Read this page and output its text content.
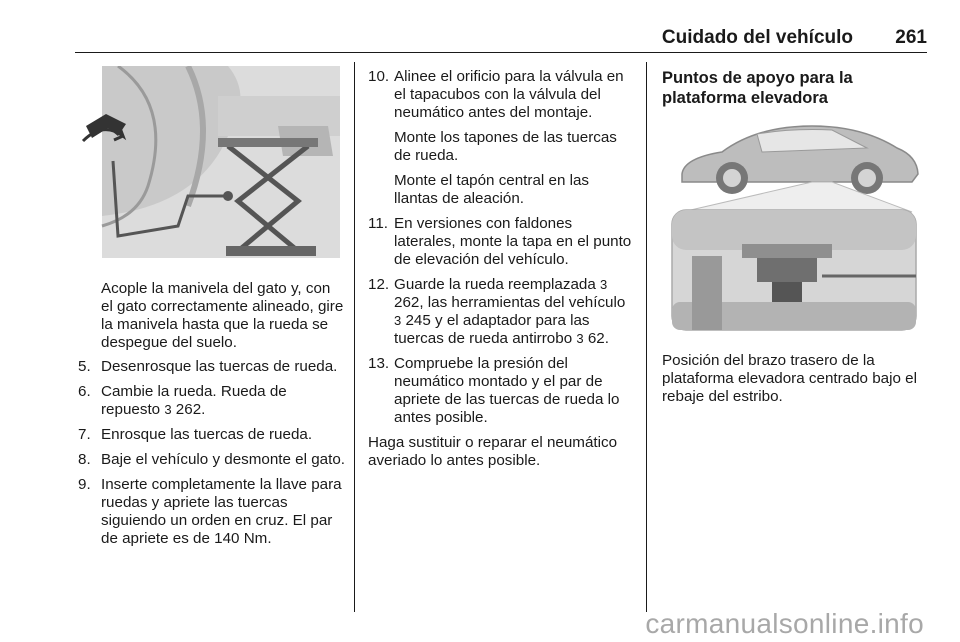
Cuidado del vehículo 261

Acople la manivela del gato y, con el gato correctamente alineado, gire la manivela hasta que la rueda se despegue del suelo.

5. Desenrosque las tuercas de rueda.
6. Cambie la rueda. Rueda de repuesto 3 262.
7. Enrosque las tuercas de rueda.
8. Baje el vehículo y desmonte el gato.
9. Inserte completamente la llave para ruedas y apriete las tuercas siguiendo un orden en cruz. El par de apriete es de 140 Nm.
10. Alinee el orificio para la válvula en el tapacubos con la válvula del neumático antes del montaje.

Monte los tapones de las tuercas de rueda.

Monte el tapón central en las llantas de aleación.

11. En versiones con faldones laterales, monte la tapa en el punto de elevación del vehículo.
12. Guarde la rueda reemplazada 3 262, las herramientas del vehículo 3 245 y el adaptador para las tuercas de rueda antirrobo 3 62.
13. Compruebe la presión del neumático montado y el par de apriete de las tuercas de rueda lo antes posible.

Haga sustituir o reparar el neumático averiado lo antes posible.

Puntos de apoyo para la plataforma elevadora

Posición del brazo trasero de la plataforma elevadora centrado bajo el rebaje del estribo.

carmanualsonline.info
